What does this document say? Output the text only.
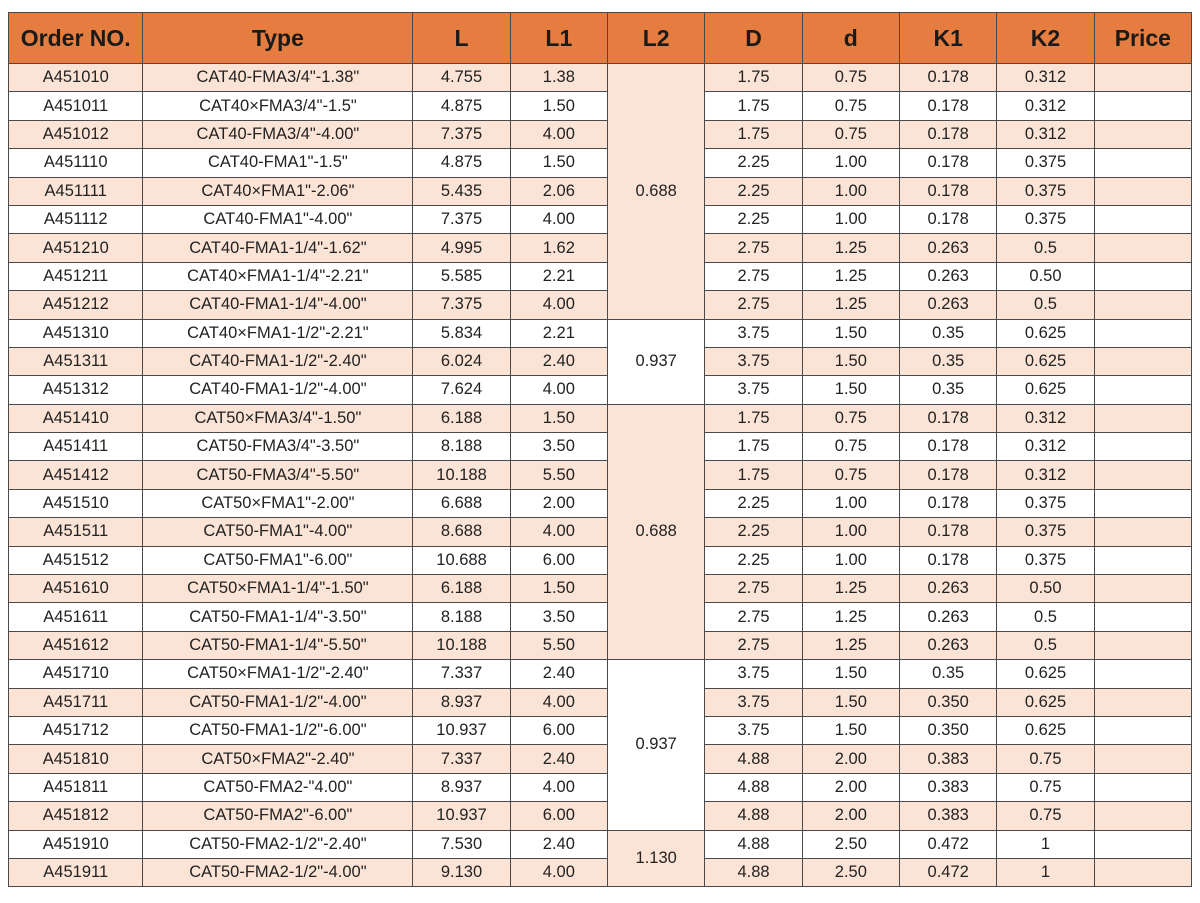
Order NO.	Type	L	L1	L2	D	d	K1	K2	Price
A451010	CAT40-FMA3/4"-1.38"	4.755	1.38	0.688	1.75	0.75	0.178	0.312	
A451011	CAT40×FMA3/4"-1.5"	4.875	1.50		1.75	0.75	0.178	0.312	
A451012	CAT40-FMA3/4"-4.00"	7.375	4.00		1.75	0.75	0.178	0.312	
A451110	CAT40-FMA1"-1.5"	4.875	1.50		2.25	1.00	0.178	0.375	
A451111	CAT40×FMA1"-2.06"	5.435	2.06		2.25	1.00	0.178	0.375	
A451112	CAT40-FMA1"-4.00"	7.375	4.00		2.25	1.00	0.178	0.375	
A451210	CAT40-FMA1-1/4"-1.62"	4.995	1.62		2.75	1.25	0.263	0.5	
A451211	CAT40×FMA1-1/4"-2.21"	5.585	2.21		2.75	1.25	0.263	0.50	
A451212	CAT40-FMA1-1/4"-4.00"	7.375	4.00		2.75	1.25	0.263	0.5	
A451310	CAT40×FMA1-1/2"-2.21"	5.834	2.21	0.937	3.75	1.50	0.35	0.625	
A451311	CAT40-FMA1-1/2"-2.40"	6.024	2.40		3.75	1.50	0.35	0.625	
A451312	CAT40-FMA1-1/2"-4.00"	7.624	4.00		3.75	1.50	0.35	0.625	
A451410	CAT50×FMA3/4"-1.50"	6.188	1.50	0.688	1.75	0.75	0.178	0.312	
A451411	CAT50-FMA3/4"-3.50"	8.188	3.50		1.75	0.75	0.178	0.312	
A451412	CAT50-FMA3/4"-5.50"	10.188	5.50		1.75	0.75	0.178	0.312	
A451510	CAT50×FMA1"-2.00"	6.688	2.00		2.25	1.00	0.178	0.375	
A451511	CAT50-FMA1"-4.00"	8.688	4.00		2.25	1.00	0.178	0.375	
A451512	CAT50-FMA1"-6.00"	10.688	6.00		2.25	1.00	0.178	0.375	
A451610	CAT50×FMA1-1/4"-1.50"	6.188	1.50		2.75	1.25	0.263	0.50	
A451611	CAT50-FMA1-1/4"-3.50"	8.188	3.50		2.75	1.25	0.263	0.5	
A451612	CAT50-FMA1-1/4"-5.50"	10.188	5.50		2.75	1.25	0.263	0.5	
A451710	CAT50×FMA1-1/2"-2.40"	7.337	2.40	0.937	3.75	1.50	0.35	0.625	
A451711	CAT50-FMA1-1/2"-4.00"	8.937	4.00		3.75	1.50	0.350	0.625	
A451712	CAT50-FMA1-1/2"-6.00"	10.937	6.00		3.75	1.50	0.350	0.625	
A451810	CAT50×FMA2"-2.40"	7.337	2.40		4.88	2.00	0.383	0.75	
A451811	CAT50-FMA2-"4.00"	8.937	4.00		4.88	2.00	0.383	0.75	
A451812	CAT50-FMA2"-6.00"	10.937	6.00		4.88	2.00	0.383	0.75	
A451910	CAT50-FMA2-1/2"-2.40"	7.530	2.40	1.130	4.88	2.50	0.472	1	
A451911	CAT50-FMA2-1/2"-4.00"	9.130	4.00		4.88	2.50	0.472	1	
